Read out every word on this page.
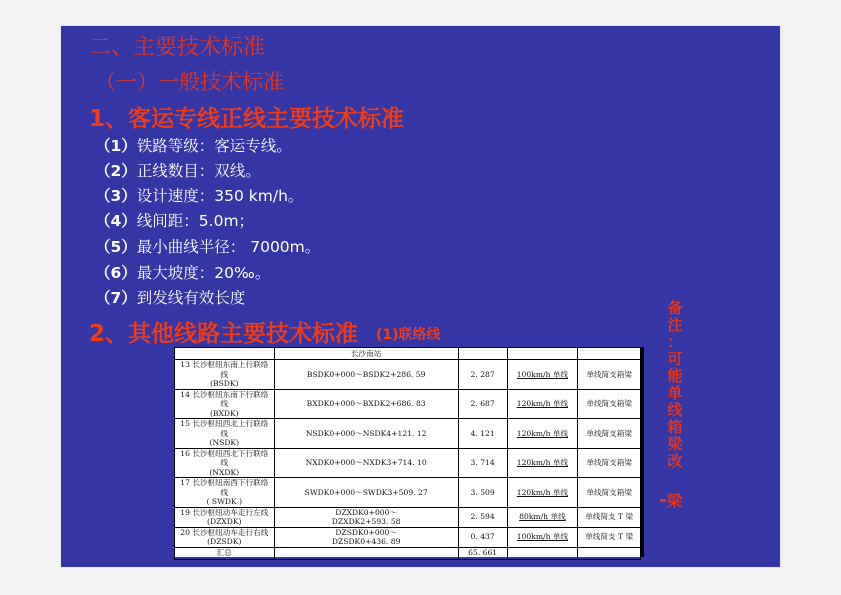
二、主要技术标准
（一）一般技术标准
1、客运专线正线主要技术标准
（1）铁路等级：客运专线。
（2）正线数目：双线。
（3）设计速度：350 km/h。
（4）线间距：5.0m；
（5）最小曲线半径： 7000m。
（6）最大坡度：20‰。
（7）到发线有效长度
2、其他线路主要技术标准 (1)联络线
备
注
：
可
能
单
线
箱
梁
改
梁
	长沙南站			
13 长沙枢纽东南上行联络线
(BSDK)	BSDK0+000～BSDK2+286. 59	2. 287	100km/h 单线	单线简支箱梁
14 长沙枢纽东南下行联络线
(BXDK)	BXDK0+000～BXDK2+686. 83	2. 687	120km/h 单线	单线简支箱梁
15 长沙枢纽西北上行联络线
(NSDK)	NSDK0+000～NSDK4+121. 12	4. 121	120km/h 单线	单线简支箱梁
16 长沙枢纽西北下行联络线
(NXDK)	NXDK0+000～NXDK3+714. 10	3. 714	120km/h 单线	单线简支箱梁
17 长沙枢纽南西下行联络线
( SWDK )	SWDK0+000～SWDK3+509. 27	3. 509	120km/h 单线	单线简支箱梁
19 长沙枢纽动车走行左线
(DZXDK)	DZXDK0+000～
DZXDK2+593. 58	2. 594	80km/h 单线	单线简支 T 梁
20 长沙枢纽动车走行右线
(DZSDK)	DZSDK0+000～
DZSDK0+436. 89	0. 437	100km/h 单线	单线简支 T 梁
汇总		65. 661		
